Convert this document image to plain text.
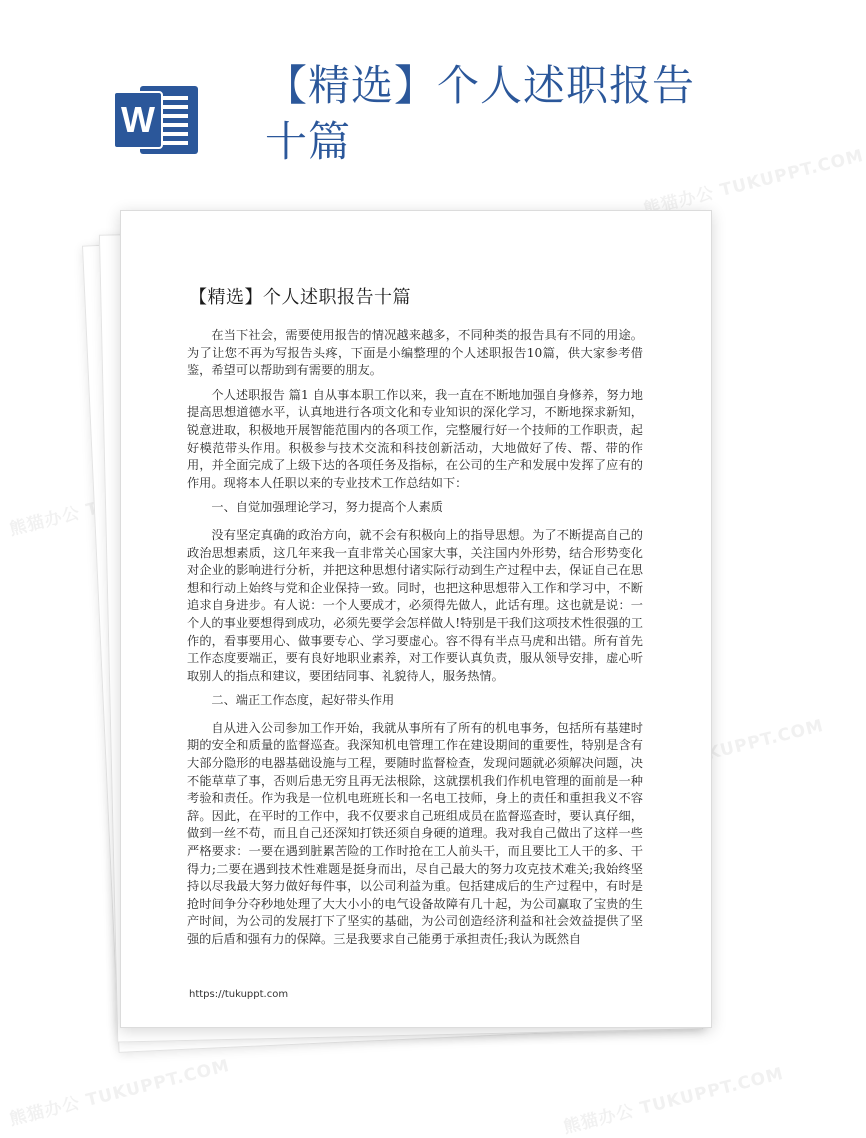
熊猫办公 TUKUPPT.COM
熊猫办公
熊猫办公 TUKUPPT.COM
熊猫办公 TUKUPPT.COM	熊猫办公 TUKUPPT.COM
W
【精选】个人述职报告十篇
【精选】个人述职报告十篇

在当下社会，需要使用报告的情况越来越多，不同种类的报告具有不同的用途。为了让您不再为写报告头疼，下面是小编整理的个人述职报告10篇，供大家参考借鉴，希望可以帮助到有需要的朋友。

个人述职报告 篇1 自从事本职工作以来，我一直在不断地加强自身修养，努力地提高思想道德水平，认真地进行各项文化和专业知识的深化学习，不断地探求新知，锐意进取，积极地开展智能范围内的各项工作，完整履行好一个技师的工作职责，起好模范带头作用。积极参与技术交流和科技创新活动，大地做好了传、帮、带的作用，并全面完成了上级下达的各项任务及指标，在公司的生产和发展中发挥了应有的作用。现将本人任职以来的专业技术工作总结如下：

一、自觉加强理论学习，努力提高个人素质

没有坚定真确的政治方向，就不会有积极向上的指导思想。为了不断提高自己的政治思想素质，这几年来我一直非常关心国家大事，关注国内外形势，结合形势变化对企业的影响进行分析，并把这种思想付诸实际行动到生产过程中去，保证自己在思想和行动上始终与党和企业保持一致。同时，也把这种思想带入工作和学习中，不断追求自身进步。有人说：一个人要成才，必须得先做人，此话有理。这也就是说：一个人的事业要想得到成功，必须先要学会怎样做人!特别是干我们这项技术性很强的工作的，看事要用心、做事要专心、学习要虚心。容不得有半点马虎和出错。所有首先工作态度要端正，要有良好地职业素养，对工作要认真负责，服从领导安排，虚心听取别人的指点和建议，要团结同事、礼貌待人，服务热情。

二、端正工作态度，起好带头作用

自从进入公司参加工作开始，我就从事所有了所有的机电事务，包括所有基建时期的安全和质量的监督巡查。我深知机电管理工作在建设期间的重要性，特别是含有大部分隐形的电器基础设施与工程，要随时监督检查，发现问题就必须解决问题，决不能草草了事，否则后患无穷且再无法根除，这就摆机我们作机电管理的面前是一种考验和责任。作为我是一位机电班班长和一名电工技师，身上的责任和重担我义不容辞。因此，在平时的工作中，我不仅要求自己班组成员在监督巡查时，要认真仔细，做到一丝不苟，而且自己还深知打铁还须自身硬的道理。我对我自己做出了这样一些严格要求：一要在遇到脏累苦险的工作时抢在工人前头干，而且要比工人干的多、干得力;二要在遇到技术性难题是挺身而出，尽自己最大的努力攻克技术难关;我始终坚持以尽我最大努力做好每件事，以公司利益为重。包括建成后的生产过程中，有时是抢时间争分夺秒地处理了大大小小的电气设备故障有几十起，为公司赢取了宝贵的生产时间，为公司的发展打下了坚实的基础，为公司创造经济利益和社会效益提供了坚强的后盾和强有力的保障。三是我要求自己能勇于承担责任;我认为既然自

https://tukuppt.com
